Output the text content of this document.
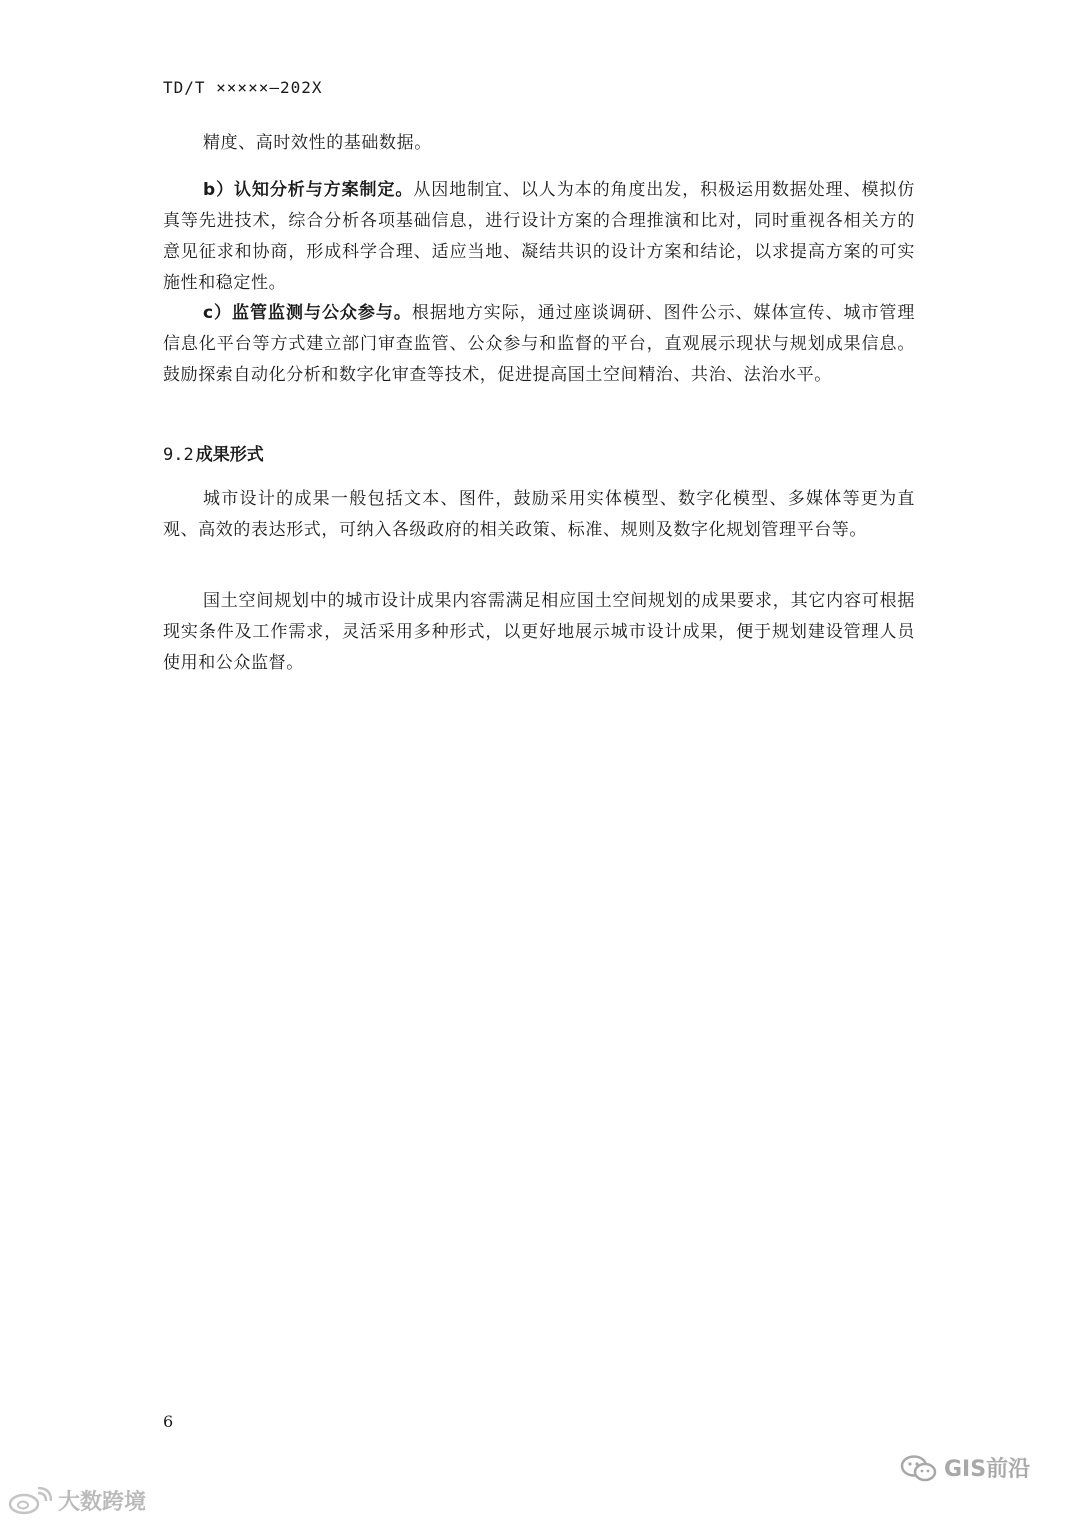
TD/T ×××××—202X

精度、高时效性的基础数据。

b）认知分析与方案制定。从因地制宜、以人为本的角度出发，积极运用数据处理、模拟仿真等先进技术，综合分析各项基础信息，进行设计方案的合理推演和比对，同时重视各相关方的意见征求和协商，形成科学合理、适应当地、凝结共识的设计方案和结论，以求提高方案的可实施性和稳定性。

c）监管监测与公众参与。根据地方实际，通过座谈调研、图件公示、媒体宣传、城市管理信息化平台等方式建立部门审查监管、公众参与和监督的平台，直观展示现状与规划成果信息。鼓励探索自动化分析和数字化审查等技术，促进提高国土空间精治、共治、法治水平。

9.2 成果形式

城市设计的成果一般包括文本、图件，鼓励采用实体模型、数字化模型、多媒体等更为直观、高效的表达形式，可纳入各级政府的相关政策、标准、规则及数字化规划管理平台等。

国土空间规划中的城市设计成果内容需满足相应国土空间规划的成果要求，其它内容可根据现实条件及工作需求，灵活采用多种形式，以更好地展示城市设计成果，便于规划建设管理人员使用和公众监督。

6
大数跨境
GIS前沿
